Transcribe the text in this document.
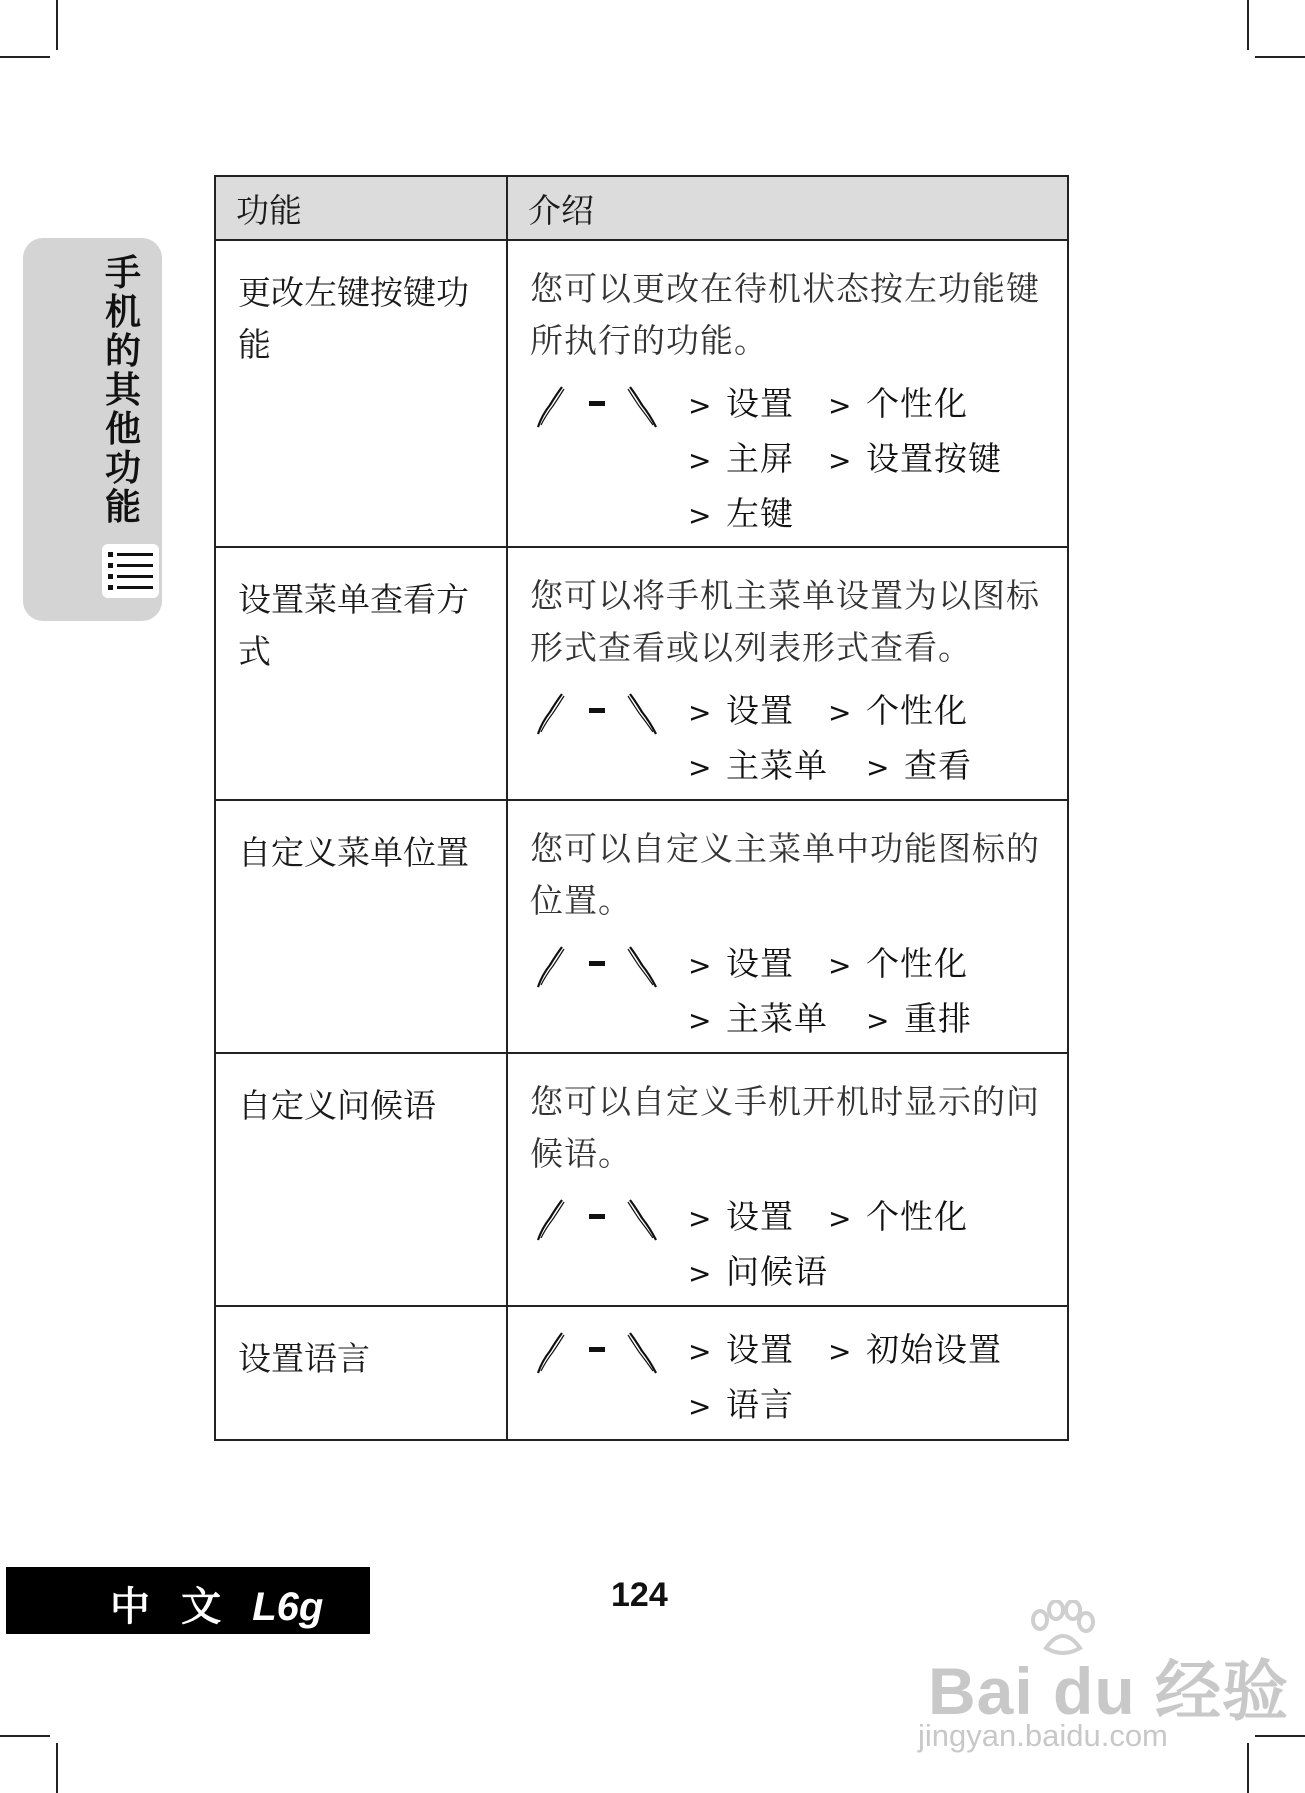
手机的其他功能
功能	介绍

更改左键按键功能	您可以更改在待机状态按左功能键所执行的功能。
> 设置 > 个性化
> 主屏 > 设置按键
> 左键

设置菜单查看方式	您可以将手机主菜单设置为以图标形式查看或以列表形式查看。
> 设置 > 个性化
> 主菜单 > 查看

自定义菜单位置	您可以自定义主菜单中功能图标的位置。
> 设置 > 个性化
> 主菜单 > 重排

自定义问候语	您可以自定义手机开机时显示的问候语。
> 设置 > 个性化
> 问候语

设置语言	> 设置 > 初始设置
> 语言
中 文 L6g	124
Bai du 经验
jingyan.baidu.com
